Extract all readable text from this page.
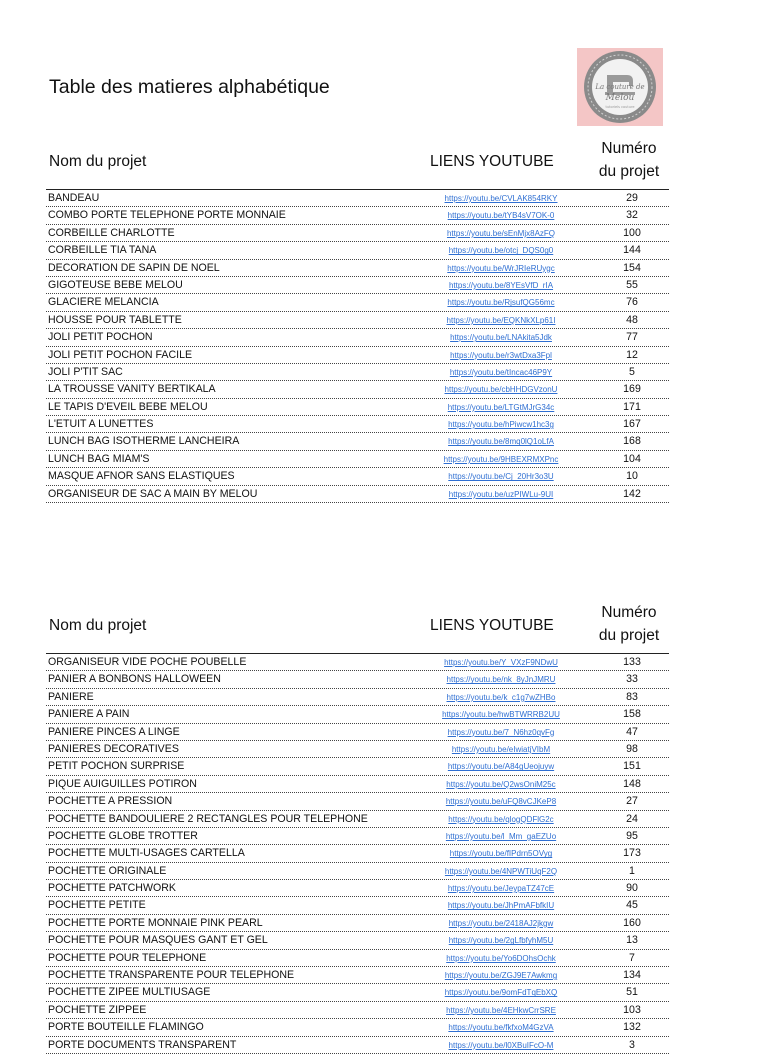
Table des matieres alphabétique	La couture de
Melou
tutoriels couture
Nom du projet	LIENS YOUTUBE
Numéro
du projet
BANDEAU	https://youtu.be/CVLAK854RKY	29
COMBO PORTE TELEPHONE PORTE MONNAIE	https://youtu.be/tYB4sV7OK-0	32
CORBEILLE CHARLOTTE	https://youtu.be/sEnMjx8AzFQ	100
CORBEILLE TIA TANA	https://youtu.be/otcj_DQS0g0	144
DECORATION DE SAPIN DE NOEL	https://youtu.be/WrJRIeRUygc	154
GIGOTEUSE BEBE MELOU	https://youtu.be/8YEsVfD_rIA	55
GLACIERE MELANCIA	https://youtu.be/RjsufQG56mc	76
HOUSSE POUR TABLETTE	https://youtu.be/EQKNkXLp61I	48
JOLI PETIT POCHON	https://youtu.be/LNAkita5Jdk	77
JOLI PETIT POCHON FACILE	https://youtu.be/r3wtDxa3Fpl	12
JOLI P'TIT SAC	https://youtu.be/tIncac46P9Y	5
LA TROUSSE VANITY BERTIKALA	https://youtu.be/cbHHDGVzonU	169
LE TAPIS D'EVEIL BEBE MELOU	https://youtu.be/LTGtMJrG34c	171
L'ETUIT A LUNETTES	https://youtu.be/hPiwcw1hc3g	167
LUNCH BAG ISOTHERME LANCHEIRA	https://youtu.be/8mq0lQ1oLfA	168
LUNCH BAG MIAM'S	https://youtu.be/9HBEXRMXPnc	104
MASQUE AFNOR SANS ELASTIQUES	https://youtu.be/Cj_20Hr3o3U	10
ORGANISEUR DE SAC A MAIN BY MELOU	https://youtu.be/uzPIWLu-9UI	142
Nom du projet	LIENS YOUTUBE
Numéro
du projet
ORGANISEUR VIDE POCHE POUBELLE	https://youtu.be/Y_VXzF9NDwU	133
PANIER A BONBONS HALLOWEEN	https://youtu.be/nk_8yJnJMRU	33
PANIERE	https://youtu.be/k_c1g7wZHBo	83
PANIERE A PAIN	https://youtu.be/hwBTWRRB2UU	158
PANIERE PINCES A LINGE	https://youtu.be/7_N6hz0qvFg	47
PANIERES DECORATIVES	https://youtu.be/eIwiatjVIbM	98
PETIT POCHON SURPRISE	https://youtu.be/A84gUeojuyw	151
PIQUE AUIGUILLES POTIRON	https://youtu.be/Q2wsOniM25c	148
POCHETTE A PRESSION	https://youtu.be/uFQ8vCJKeP8	27
POCHETTE BANDOULIERE 2 RECTANGLES POUR TELEPHONE	https://youtu.be/qlogQDFlG2c	24
POCHETTE GLOBE TROTTER	https://youtu.be/l_Mm_gaEZUo	95
POCHETTE MULTI-USAGES CARTELLA	https://youtu.be/fIPdrn5OVyg	173
POCHETTE ORIGINALE	https://youtu.be/4NPWTiUqF2Q	1
POCHETTE PATCHWORK	https://youtu.be/JeypaTZ47cE	90
POCHETTE PETITE	https://youtu.be/JhPmAFbfkIU	45
POCHETTE PORTE MONNAIE PINK PEARL	https://youtu.be/2418AJ2jkgw	160
POCHETTE POUR MASQUES GANT ET GEL	https://youtu.be/2gLfbfyhM5U	13
POCHETTE POUR TELEPHONE	https://youtu.be/Yo6DOhsOchk	7
POCHETTE TRANSPARENTE POUR TELEPHONE	https://youtu.be/ZGJ9E7Awkmg	134
POCHETTE ZIPEE MULTIUSAGE	https://youtu.be/9omFdTqEbXQ	51
POCHETTE ZIPPEE	https://youtu.be/4EHkwCrrSRE	103
PORTE BOUTEILLE FLAMINGO	https://youtu.be/fkfxoM4GzVA	132
PORTE DOCUMENTS TRANSPARENT	https://youtu.be/l0XBuIFcO-M	3
